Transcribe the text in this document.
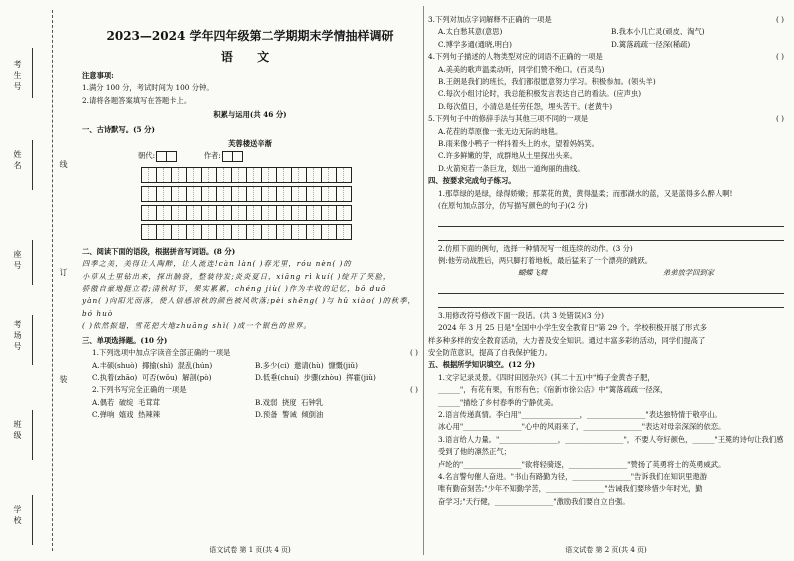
考生号
姓名
座号
考场号
班级
学校
线
订
装
2023—2024 学年四年级第二学期期末学情抽样调研
语 文
注意事项:
1.满分 100 分，考试时间为 100 分钟。
2.请将各题答案填写在答题卡上。
积累与运用(共 46 分)
一、古诗默写。(5 分)
芙蓉楼送辛渐
朝代:	作者:
二、阅读下面的语段，根据拼音写词语。(8 分)
四季之美，美得让人陶醉，让人流连!càn làn( )春光里，róu nèn( )的
小草从土里钻出来，探出脑袋，整装待发;炎炎夏日，xiāng rì kuí( )绽开了笑脸，
骄傲自豪地挺立着;清秋时节，果实累累，chéng jiù( )作为丰收的记忆，bō duō
yàn( )向阳光而落，使人倍感凉秋的颜色被风吹落;pèi shēng( )与 hǔ xiào( )的秋季，bó huò
( )依然振翅，雪花把大地zhuāng shì( )成一个银色的世界。
三、单项选择题。(10 分)
1.下列选项中加点字读音全部正确的一项是	( )
A.丰硕(shuò) 揶揄(shì) 混乱(hún)	B.多少(ci) 邀请(hù) 慷慨(jiǔ)
C.执着(zhāo) 可否(wǒu) 解剖(pò)	D.低垂(chuí) 步骤(zhòu) 挥霍(jiǔ)
2.下列书写完全正确的一项是	( )
A.偶若 破绽 毛茸茸	B.戏弱 挠度 石钟乳
C.弹响 嬉戏 热辣辣	D.预备 警诫 倾倒油
语文试卷 第 1 页(共 4 页)
3.下列对加点字词解释不正确的一项是	( )
A.太白愁其意(意思)	B.我本小几亡灵(顽皮、淘气)
C.博学多通(通晓,明白)	D.篱落疏疏一径深(稀疏)
4.下列句子描述的人物类型对应的词语不正确的一项是	( )
A.美美的歌声温柔动听，同学们赞不绝口。(百灵鸟)
B.王朗是我们的班长，我们都很愿意努力学习。积极参加。(领头羊)
C.每次小组讨论时，我总能积极发言表达自己的看法。(应声虫)
D.每次值日，小清总是任劳任怨，埋头苦干。(老黄牛)
5.下列句子中的修辞手法与其他三项不同的一项是	( )
A.花茬的草原像一张无边无际的地毯。
B.雨来像小鸭子一样抖着头上的水，望着妈妈笑。
C.许多鲜嫩的芽，成群地从土里探出头来。
D.火箭宛若一条巨龙，划出一道绚丽的曲线。
四、按要求完成句子练习。
1.那草绿的是绿，绿得娇嫩；那菜花的黄，黄得温柔；而那湖水的蓝，又是蓝得多么醉人啊!
(在原句加点部分，仿写描写颜色的句子)(2 分)
2.仿照下面的例句，选择一种情况写一组连续的动作。(3 分)
例:他劳动战胜后，两只脚打着地板，最后猛来了一个漂亮的跳跃。
蝴蝶飞舞	弟弟放学回到家
3.用修改符号修改下面一段话。(共 3 处错误)(3 分)
2024 年 3 月 25 日是"全国中小学生安全教育日"第 29 个。学校积极开展了形式多
样多种多样的安全教育活动，大力普及安全知识。通过丰富多彩的活动，同学们提高了
安全防范意识，提高了自我保护能力。
五、根据所学知识填空。(12 分)
1.文字记录灵景。《四时田园杂兴》(其二十五)中"梅子金黄杏子肥，
______"，有花有果，有形有色；《宿新市徐公店》中"篱落疏疏一径深，
______"描绘了乡村春季的宁静优美。
2.语言传递真情。李白用"________________，________________"表达独特情于敬亭山。
冰心用"________________"心中的风雨来了，________________"表达对母亲深深的依恋。
3.语言给人力量。"________________，________________"，不要人夸好颜色，______"王冕的诗句让我们感受到了他的凛然正气；
卢纶的"________________"欲将轻骑逐，________________"赞扬了英勇将士的英勇威武。
4.名言警句催人奋进。"书山有路勤为径，________________"告诉我们在知识里遨游
唯有勤奋刻苦;"少年不知勤学苦，________________"告诫我们要珍惜少年时光，勤
奋学习;"天行健，________________"激励我们要自立自强。
语文试卷 第 2 页(共 4 页)
